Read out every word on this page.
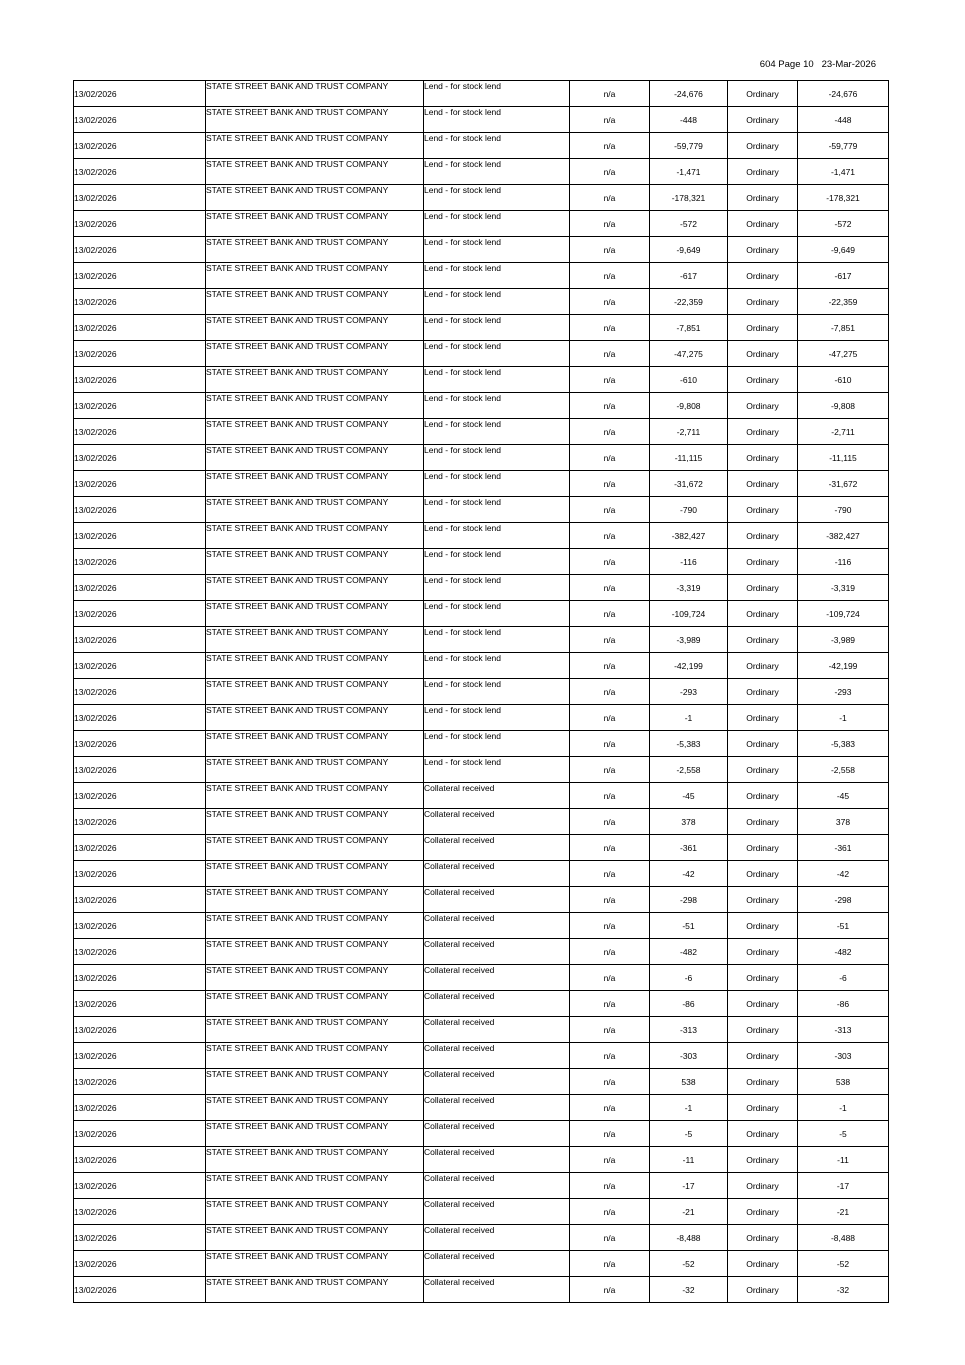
604 Page 10   23-Mar-2026
13/02/2026	STATE STREET BANK AND TRUST COMPANY	Lend - for stock lend	n/a	-24,676	Ordinary	-24,676
13/02/2026	STATE STREET BANK AND TRUST COMPANY	Lend - for stock lend	n/a	-448	Ordinary	-448
13/02/2026	STATE STREET BANK AND TRUST COMPANY	Lend - for stock lend	n/a	-59,779	Ordinary	-59,779
13/02/2026	STATE STREET BANK AND TRUST COMPANY	Lend - for stock lend	n/a	-1,471	Ordinary	-1,471
13/02/2026	STATE STREET BANK AND TRUST COMPANY	Lend - for stock lend	n/a	-178,321	Ordinary	-178,321
13/02/2026	STATE STREET BANK AND TRUST COMPANY	Lend - for stock lend	n/a	-572	Ordinary	-572
13/02/2026	STATE STREET BANK AND TRUST COMPANY	Lend - for stock lend	n/a	-9,649	Ordinary	-9,649
13/02/2026	STATE STREET BANK AND TRUST COMPANY	Lend - for stock lend	n/a	-617	Ordinary	-617
13/02/2026	STATE STREET BANK AND TRUST COMPANY	Lend - for stock lend	n/a	-22,359	Ordinary	-22,359
13/02/2026	STATE STREET BANK AND TRUST COMPANY	Lend - for stock lend	n/a	-7,851	Ordinary	-7,851
13/02/2026	STATE STREET BANK AND TRUST COMPANY	Lend - for stock lend	n/a	-47,275	Ordinary	-47,275
13/02/2026	STATE STREET BANK AND TRUST COMPANY	Lend - for stock lend	n/a	-610	Ordinary	-610
13/02/2026	STATE STREET BANK AND TRUST COMPANY	Lend - for stock lend	n/a	-9,808	Ordinary	-9,808
13/02/2026	STATE STREET BANK AND TRUST COMPANY	Lend - for stock lend	n/a	-2,711	Ordinary	-2,711
13/02/2026	STATE STREET BANK AND TRUST COMPANY	Lend - for stock lend	n/a	-11,115	Ordinary	-11,115
13/02/2026	STATE STREET BANK AND TRUST COMPANY	Lend - for stock lend	n/a	-31,672	Ordinary	-31,672
13/02/2026	STATE STREET BANK AND TRUST COMPANY	Lend - for stock lend	n/a	-790	Ordinary	-790
13/02/2026	STATE STREET BANK AND TRUST COMPANY	Lend - for stock lend	n/a	-382,427	Ordinary	-382,427
13/02/2026	STATE STREET BANK AND TRUST COMPANY	Lend - for stock lend	n/a	-116	Ordinary	-116
13/02/2026	STATE STREET BANK AND TRUST COMPANY	Lend - for stock lend	n/a	-3,319	Ordinary	-3,319
13/02/2026	STATE STREET BANK AND TRUST COMPANY	Lend - for stock lend	n/a	-109,724	Ordinary	-109,724
13/02/2026	STATE STREET BANK AND TRUST COMPANY	Lend - for stock lend	n/a	-3,989	Ordinary	-3,989
13/02/2026	STATE STREET BANK AND TRUST COMPANY	Lend - for stock lend	n/a	-42,199	Ordinary	-42,199
13/02/2026	STATE STREET BANK AND TRUST COMPANY	Lend - for stock lend	n/a	-293	Ordinary	-293
13/02/2026	STATE STREET BANK AND TRUST COMPANY	Lend - for stock lend	n/a	-1	Ordinary	-1
13/02/2026	STATE STREET BANK AND TRUST COMPANY	Lend - for stock lend	n/a	-5,383	Ordinary	-5,383
13/02/2026	STATE STREET BANK AND TRUST COMPANY	Lend - for stock lend	n/a	-2,558	Ordinary	-2,558
13/02/2026	STATE STREET BANK AND TRUST COMPANY	Collateral received	n/a	-45	Ordinary	-45
13/02/2026	STATE STREET BANK AND TRUST COMPANY	Collateral received	n/a	378	Ordinary	378
13/02/2026	STATE STREET BANK AND TRUST COMPANY	Collateral received	n/a	-361	Ordinary	-361
13/02/2026	STATE STREET BANK AND TRUST COMPANY	Collateral received	n/a	-42	Ordinary	-42
13/02/2026	STATE STREET BANK AND TRUST COMPANY	Collateral received	n/a	-298	Ordinary	-298
13/02/2026	STATE STREET BANK AND TRUST COMPANY	Collateral received	n/a	-51	Ordinary	-51
13/02/2026	STATE STREET BANK AND TRUST COMPANY	Collateral received	n/a	-482	Ordinary	-482
13/02/2026	STATE STREET BANK AND TRUST COMPANY	Collateral received	n/a	-6	Ordinary	-6
13/02/2026	STATE STREET BANK AND TRUST COMPANY	Collateral received	n/a	-86	Ordinary	-86
13/02/2026	STATE STREET BANK AND TRUST COMPANY	Collateral received	n/a	-313	Ordinary	-313
13/02/2026	STATE STREET BANK AND TRUST COMPANY	Collateral received	n/a	-303	Ordinary	-303
13/02/2026	STATE STREET BANK AND TRUST COMPANY	Collateral received	n/a	538	Ordinary	538
13/02/2026	STATE STREET BANK AND TRUST COMPANY	Collateral received	n/a	-1	Ordinary	-1
13/02/2026	STATE STREET BANK AND TRUST COMPANY	Collateral received	n/a	-5	Ordinary	-5
13/02/2026	STATE STREET BANK AND TRUST COMPANY	Collateral received	n/a	-11	Ordinary	-11
13/02/2026	STATE STREET BANK AND TRUST COMPANY	Collateral received	n/a	-17	Ordinary	-17
13/02/2026	STATE STREET BANK AND TRUST COMPANY	Collateral received	n/a	-21	Ordinary	-21
13/02/2026	STATE STREET BANK AND TRUST COMPANY	Collateral received	n/a	-8,488	Ordinary	-8,488
13/02/2026	STATE STREET BANK AND TRUST COMPANY	Collateral received	n/a	-52	Ordinary	-52
13/02/2026	STATE STREET BANK AND TRUST COMPANY	Collateral received	n/a	-32	Ordinary	-32
